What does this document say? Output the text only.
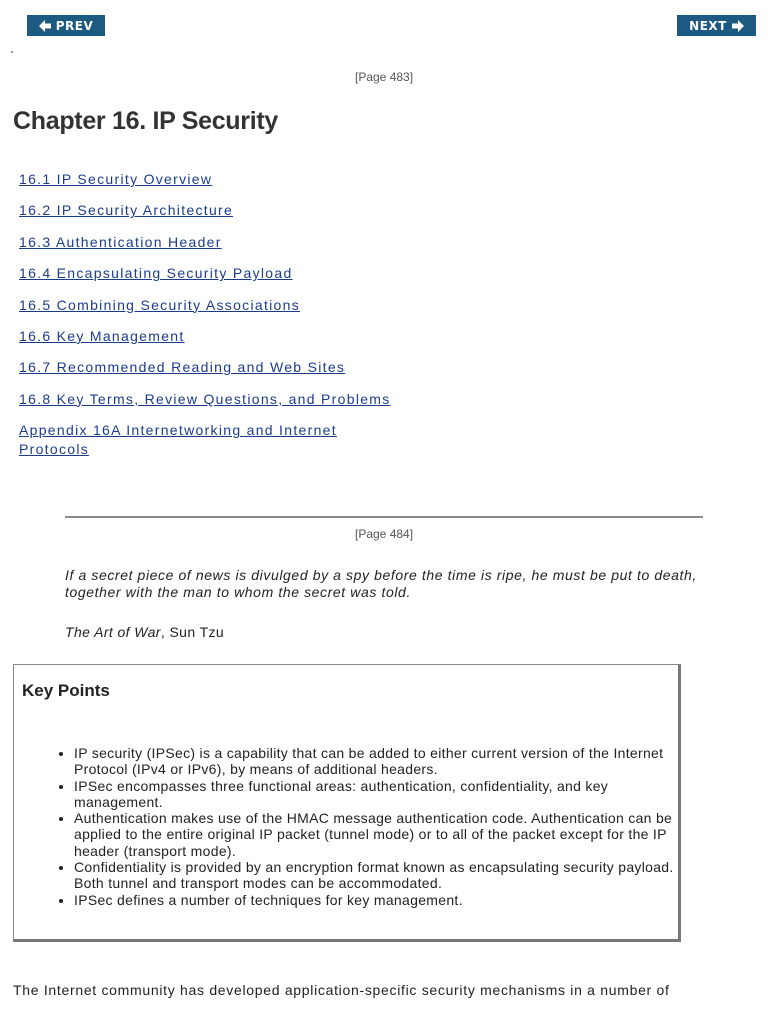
PREV	NEXT
[Page 483]
Chapter 16. IP Security
16.1 IP Security Overview
16.2 IP Security Architecture
16.3 Authentication Header
16.4 Encapsulating Security Payload
16.5 Combining Security Associations
16.6 Key Management
16.7 Recommended Reading and Web Sites
16.8 Key Terms, Review Questions, and Problems
Appendix 16A Internetworking and Internet Protocols
[Page 484]

If a secret piece of news is divulged by a spy before the time is ripe, he must be put to death, together with the man to whom the secret was told.

The Art of War, Sun Tzu

Key Points
• IP security (IPSec) is a capability that can be added to either current version of the Internet Protocol (IPv4 or IPv6), by means of additional headers.
• IPSec encompasses three functional areas: authentication, confidentiality, and key management.
• Authentication makes use of the HMAC message authentication code. Authentication can be applied to the entire original IP packet (tunnel mode) or to all of the packet except for the IP header (transport mode).
• Confidentiality is provided by an encryption format known as encapsulating security payload. Both tunnel and transport modes can be accommodated.
• IPSec defines a number of techniques for key management.

The Internet community has developed application-specific security mechanisms in a number of
